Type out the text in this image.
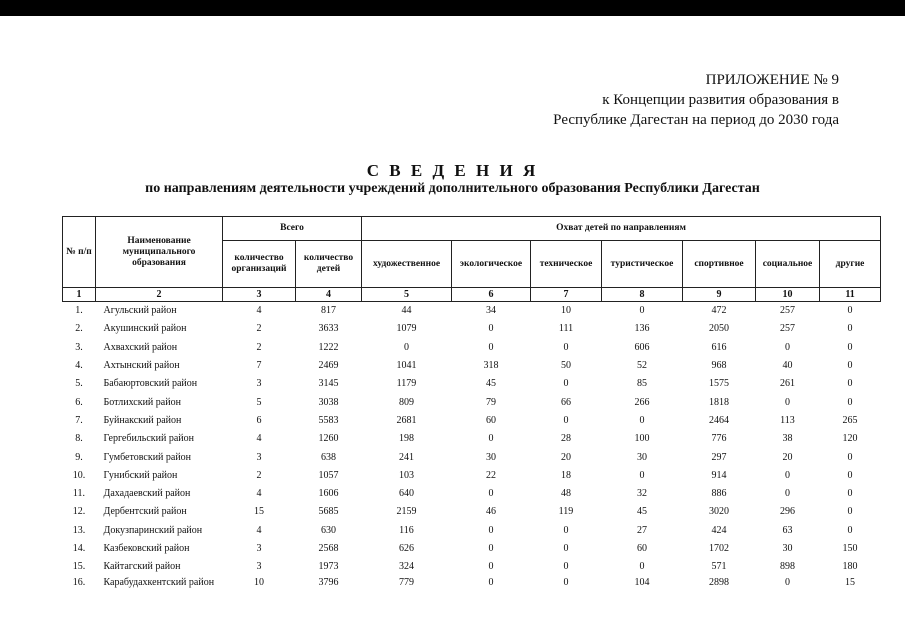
ПРИЛОЖЕНИЕ № 9
к Концепции развития образования в
Республике Дагестан на период до 2030 года
С В Е Д Е Н И Я
по направлениям деятельности учреждений дополнительного образования Республики Дагестан
№ п/п	Наименование муниципального образования	Всего		Охват детей по направлениям						
		количество организаций	количество детей	художественное	экологическое	техническое	туристическое	спортивное	социальное	другие
1	2	3	4	5	6	7	8	9	10	11
1.	Агульский район	4	817	44	34	10	0	472	257	0
2.	Акушинский район	2	3633	1079	0	111	136	2050	257	0
3.	Ахвахский район	2	1222	0	0	0	606	616	0	0
4.	Ахтынский район	7	2469	1041	318	50	52	968	40	0
5.	Бабаюртовский район	3	3145	1179	45	0	85	1575	261	0
6.	Ботлихский район	5	3038	809	79	66	266	1818	0	0
7.	Буйнакский район	6	5583	2681	60	0	0	2464	113	265
8.	Гергебильский район	4	1260	198	0	28	100	776	38	120
9.	Гумбетовский район	3	638	241	30	20	30	297	20	0
10.	Гунибский район	2	1057	103	22	18	0	914	0	0
11.	Дахадаевский район	4	1606	640	0	48	32	886	0	0
12.	Дербентский район	15	5685	2159	46	119	45	3020	296	0
13.	Докузпаринский район	4	630	116	0	0	27	424	63	0
14.	Казбековский район	3	2568	626	0	0	60	1702	30	150
15.	Кайтагский район	3	1973	324	0	0	0	571	898	180
16.	Карабудахкентский район	10	3796	779	0	0	104	2898	0	15
